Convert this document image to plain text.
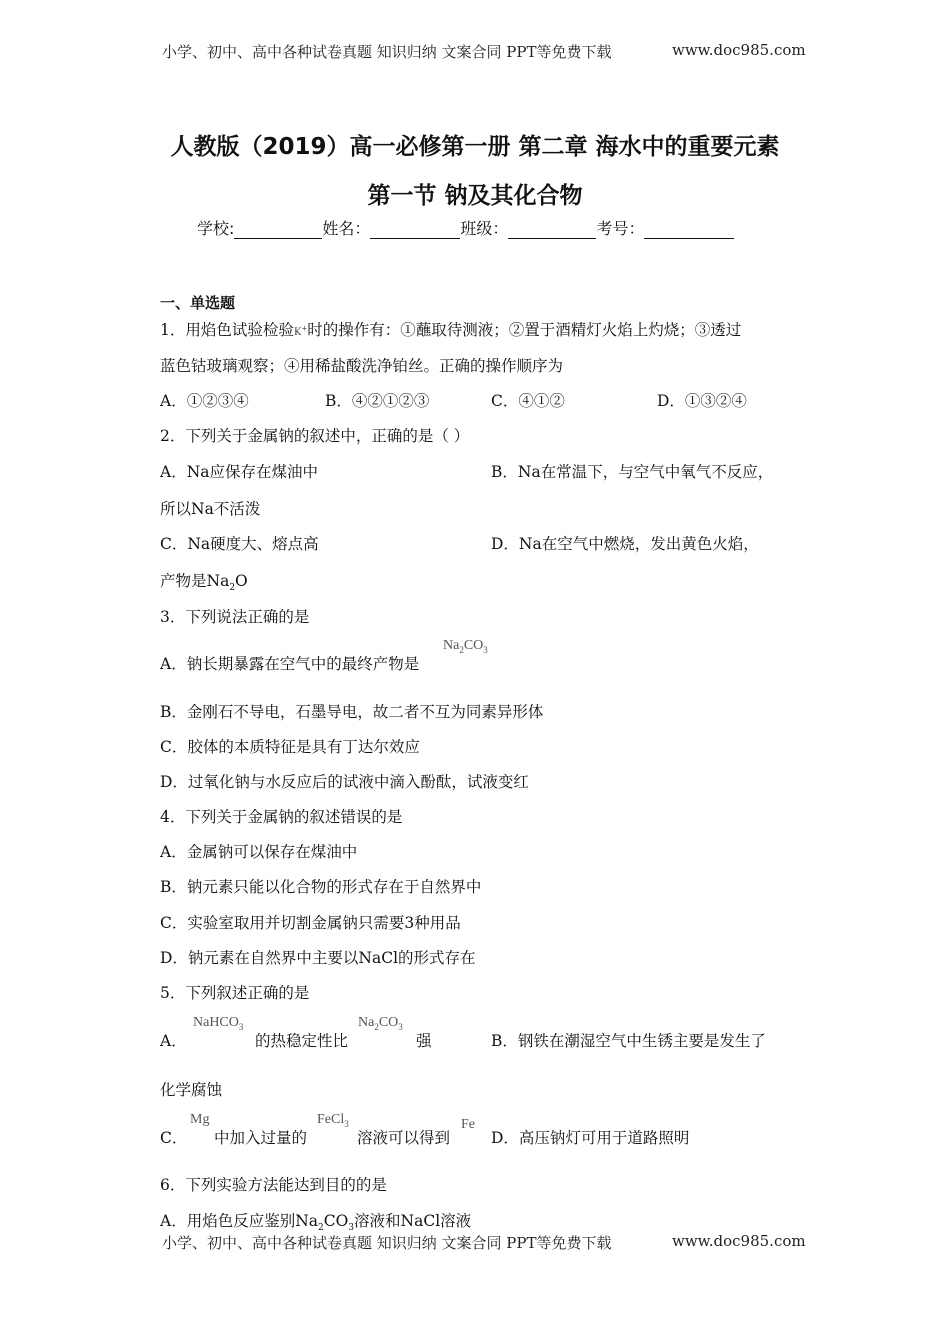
小学、初中、高中各种试卷真题 知识归纳 文案合同 PPT等免费下载	www.doc985.com
人教版（2019）高一必修第一册 第二章 海水中的重要元素
第一节 钠及其化合物
学校:	姓名：	班级：	考号：
一、单选题
1．用焰色试验检验K+时的操作有：①蘸取待测液；②置于酒精灯火焰上灼烧；③透过
蓝色钴玻璃观察；④用稀盐酸洗净铂丝。正确的操作顺序为
A．①②③④	B．④②①②③	C．④①②	D．①③②④
2．下列关于金属钠的叙述中，正确的是（ ）
A．Na应保存在煤油中	B．Na在常温下，与空气中氧气不反应，
所以Na不活泼
C．Na硬度大、熔点高	D．Na在空气中燃烧，发出黄色火焰，
产物是$Na_2O$
3．下列说法正确的是
A．钠长期暴露在空气中的最终产物是
$Na_2CO_3$
B．金刚石不导电，石墨导电，故二者不互为同素异形体
C．胶体的本质特征是具有丁达尔效应
D．过氧化钠与水反应后的试液中滴入酚酞，试液变红
4．下列关于金属钠的叙述错误的是
A．金属钠可以保存在煤油中
B．钠元素只能以化合物的形式存在于自然界中
C．实验室取用并切割金属钠只需要3种用品
D．钠元素在自然界中主要以NaCl的形式存在
5．下列叙述正确的是
A．
NaHCO$_3$
的热稳定性比
$Na_2CO_3$
强	B．钢铁在潮湿空气中生锈主要是发生了
化学腐蚀
C．
Mg
中加入过量的
FeCl$_3$
溶液可以得到
Fe
D．高压钠灯可用于道路照明
6．下列实验方法能达到目的的是
A．用焰色反应鉴别$Na_2CO_3$溶液和NaCl溶液
小学、初中、高中各种试卷真题 知识归纳 文案合同 PPT等免费下载	www.doc985.com
